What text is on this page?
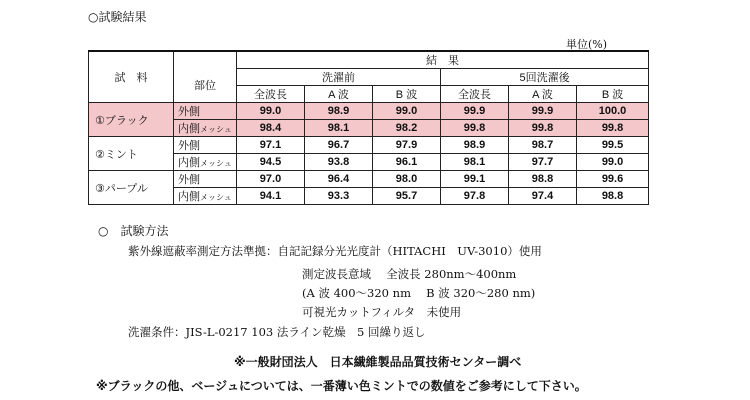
○試験結果
単位(%)
試　料		結　果					
	部位	洗濯前			5回洗濯後		
		全波長	A 波	B 波	全波長	A 波	B 波
①ブラック	外側	99.0	98.9	99.0	99.9	99.9	100.0
	内側メッシュ	98.4	98.1	98.2	99.8	99.8	99.8
②ミント	外側	97.1	96.7	97.9	98.9	98.7	99.5
	内側メッシュ	94.5	93.8	96.1	98.1	97.7	99.0
③パープル	外側	97.0	96.4	98.0	99.1	98.8	99.6
	内側メッシュ	94.1	93.3	95.7	97.8	97.4	98.8
○　試験方法
紫外線遮蔽率測定方法準拠：自記記録分光光度計（HITACHI　UV-3010）使用
測定波長意域　 全波長 280nm～400nm
(A 波 400～320 nm　 B 波 320～280 nm)
可視光カットフィルタ　未使用
洗濯条件：JIS-L-0217 103 法ライン乾燥　5 回繰り返し
※一般財団法人　日本繊維製品品質技術センター調べ
※ブラックの他、ベージュについては、一番薄い色ミントでの数値をご参考にして下さい。
